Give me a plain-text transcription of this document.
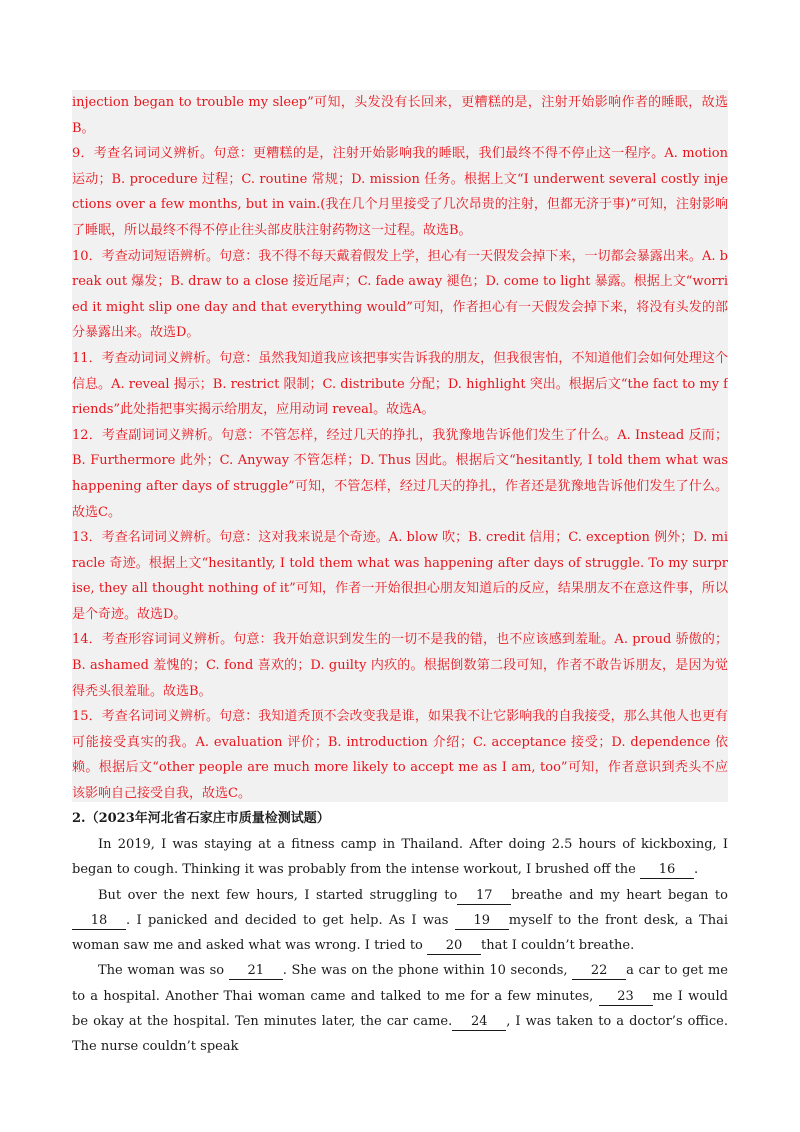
injection began to trouble my sleep”可知，头发没有长回来，更糟糕的是，注射开始影响作者的睡眠，故选B。

9．考查名词词义辨析。句意：更糟糕的是，注射开始影响我的睡眠，我们最终不得不停止这一程序。A. motion 运动；B. procedure 过程；C. routine 常规；D. mission 任务。根据上文“I underwent several costly injections over a few months, but in vain.(我在几个月里接受了几次昂贵的注射，但都无济于事)”可知，注射影响了睡眠，所以最终不得不停止往头部皮肤注射药物这一过程。故选B。

10．考查动词短语辨析。句意：我不得不每天戴着假发上学，担心有一天假发会掉下来，一切都会暴露出来。A. break out 爆发；B. draw to a close 接近尾声；C. fade away 褪色；D. come to light 暴露。根据上文“worried it might slip one day and that everything would”可知，作者担心有一天假发会掉下来，将没有头发的部分暴露出来。故选D。

11．考查动词词义辨析。句意：虽然我知道我应该把事实告诉我的朋友，但我很害怕，不知道他们会如何处理这个信息。A. reveal 揭示；B. restrict 限制；C. distribute 分配；D. highlight 突出。根据后文“the fact to my friends”此处指把事实揭示给朋友，应用动词 reveal。故选A。

12．考查副词词义辨析。句意：不管怎样，经过几天的挣扎，我犹豫地告诉他们发生了什么。A. Instead 反而；B. Furthermore 此外；C. Anyway 不管怎样；D. Thus 因此。根据后文“hesitantly, I told them what was happening after days of struggle”可知，不管怎样，经过几天的挣扎，作者还是犹豫地告诉他们发生了什么。故选C。

13．考查名词词义辨析。句意：这对我来说是个奇迹。A. blow 吹；B. credit 信用；C. exception 例外；D. miracle 奇迹。根据上文“hesitantly, I told them what was happening after days of struggle. To my surprise, they all thought nothing of it”可知，作者一开始很担心朋友知道后的反应，结果朋友不在意这件事，所以是个奇迹。故选D。

14．考查形容词词义辨析。句意：我开始意识到发生的一切不是我的错，也不应该感到羞耻。A. proud 骄傲的；B. ashamed 羞愧的；C. fond 喜欢的；D. guilty 内疚的。根据倒数第二段可知，作者不敢告诉朋友，是因为觉得秃头很羞耻。故选B。

15．考查名词词义辨析。句意：我知道秃顶不会改变我是谁，如果我不让它影响我的自我接受，那么其他人也更有可能接受真实的我。A. evaluation 评价；B. introduction 介绍；C. acceptance 接受；D. dependence 依赖。根据后文“other people are much more likely to accept me as I am, too”可知，作者意识到秃头不应该影响自己接受自我，故选C。

2.（2023年河北省石家庄市质量检测试题）

In 2019, I was staying at a fitness camp in Thailand. After doing 2.5 hours of kickboxing, I began to cough. Thinking it was probably from the intense workout, I brushed off the 16 .

But over the next few hours, I started struggling to 17 breathe and my heart began to 18 . I panicked and decided to get help. As I was 19 myself to the front desk, a Thai woman saw me and asked what was wrong. I tried to 20 that I couldn’t breathe.

The woman was so 21 . She was on the phone within 10 seconds, 22 a car to get me to a hospital. Another Thai woman came and talked to me for a few minutes, 23 me I would be okay at the hospital. Ten minutes later, the car came. 24 , I was taken to a doctor’s office. The nurse couldn’t speak
